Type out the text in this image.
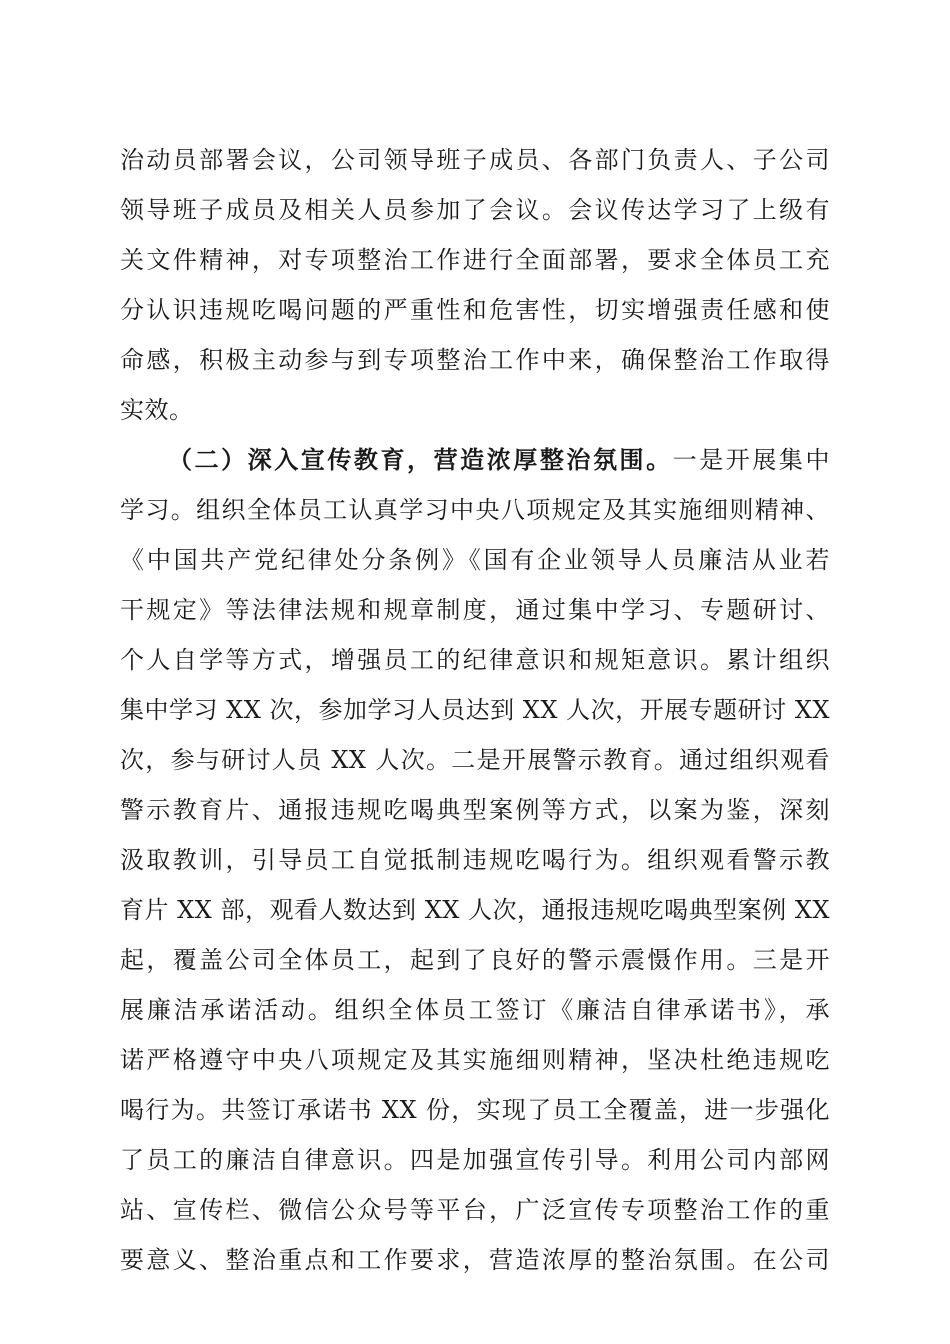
治动员部署会议，公司领导班子成员、各部门负责人、子公司
领导班子成员及相关人员参加了会议。会议传达学习了上级有
关文件精神，对专项整治工作进行全面部署，要求全体员工充
分认识违规吃喝问题的严重性和危害性，切实增强责任感和使
命感，积极主动参与到专项整治工作中来，确保整治工作取得
实效。
（二）深入宣传教育，营造浓厚整治氛围。一是开展集中
学习。组织全体员工认真学习中央八项规定及其实施细则精神、
《中国共产党纪律处分条例》《国有企业领导人员廉洁从业若
干规定》等法律法规和规章制度，通过集中学习、专题研讨、
个人自学等方式，增强员工的纪律意识和规矩意识。累计组织
集中学习 XX 次，参加学习人员达到 XX 人次，开展专题研讨 XX
次，参与研讨人员 XX 人次。二是开展警示教育。通过组织观看
警示教育片、通报违规吃喝典型案例等方式，以案为鉴，深刻
汲取教训，引导员工自觉抵制违规吃喝行为。组织观看警示教
育片 XX 部，观看人数达到 XX 人次，通报违规吃喝典型案例 XX
起，覆盖公司全体员工，起到了良好的警示震慑作用。三是开
展廉洁承诺活动。组织全体员工签订《廉洁自律承诺书》，承
诺严格遵守中央八项规定及其实施细则精神，坚决杜绝违规吃
喝行为。共签订承诺书 XX 份，实现了员工全覆盖，进一步强化
了员工的廉洁自律意识。四是加强宣传引导。利用公司内部网
站、宣传栏、微信公众号等平台，广泛宣传专项整治工作的重
要意义、整治重点和工作要求，营造浓厚的整治氛围。在公司
